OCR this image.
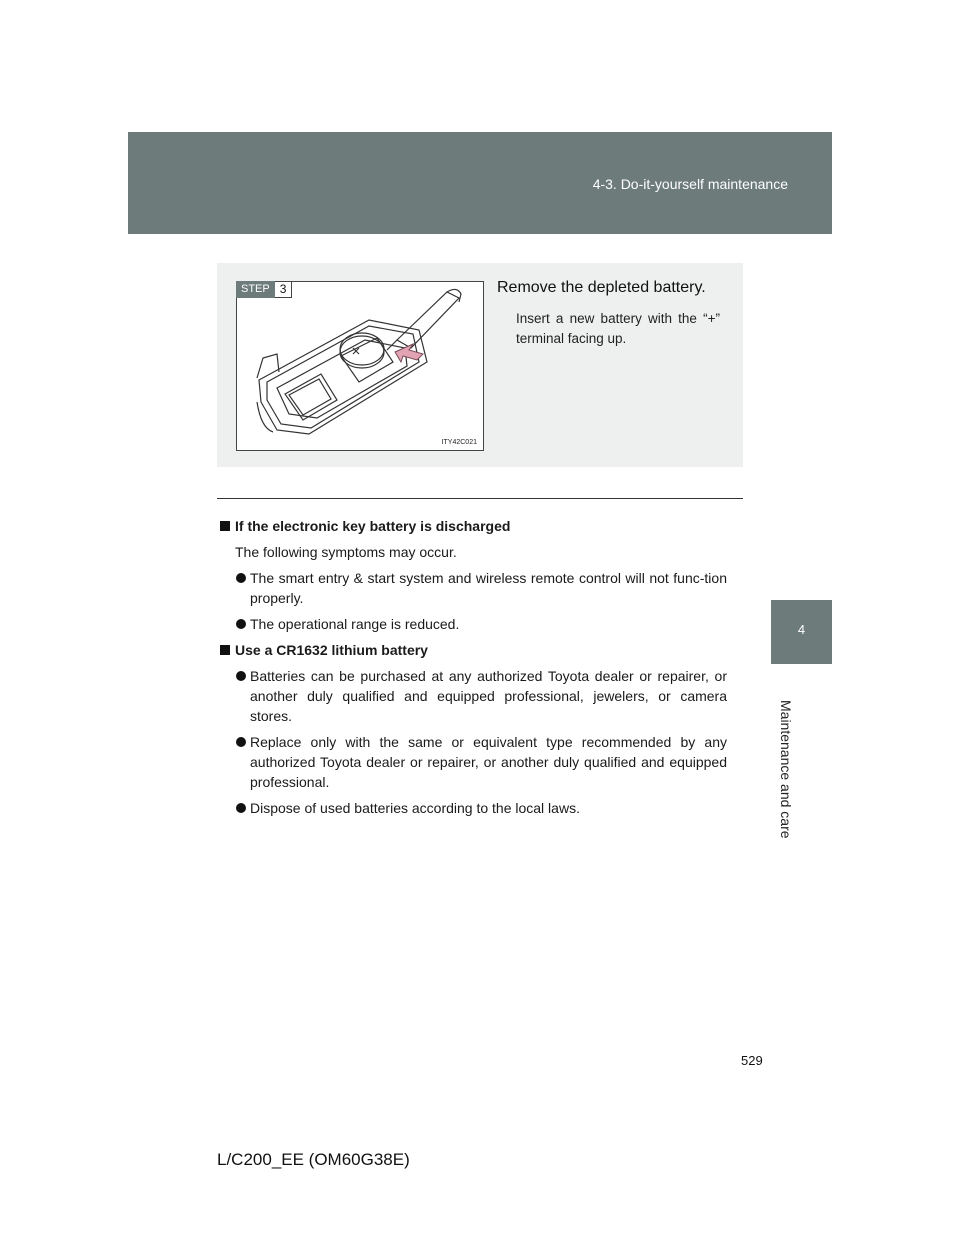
4-3. Do-it-yourself maintenance
4
Maintenance and care
ITY42C021
STEP 3	Remove the depleted battery.
Insert a new battery with the “+” terminal facing up.
If the electronic key battery is discharged
The following symptoms may occur.
The smart entry & start system and wireless remote control will not func-tion properly.
The operational range is reduced.
Use a CR1632 lithium battery
Batteries can be purchased at any authorized Toyota dealer or repairer, or another duly qualified and equipped professional, jewelers, or camera stores.
Replace only with the same or equivalent type recommended by any authorized Toyota dealer or repairer, or another duly qualified and equipped professional.
Dispose of used batteries according to the local laws.
529
L/C200_EE (OM60G38E)
